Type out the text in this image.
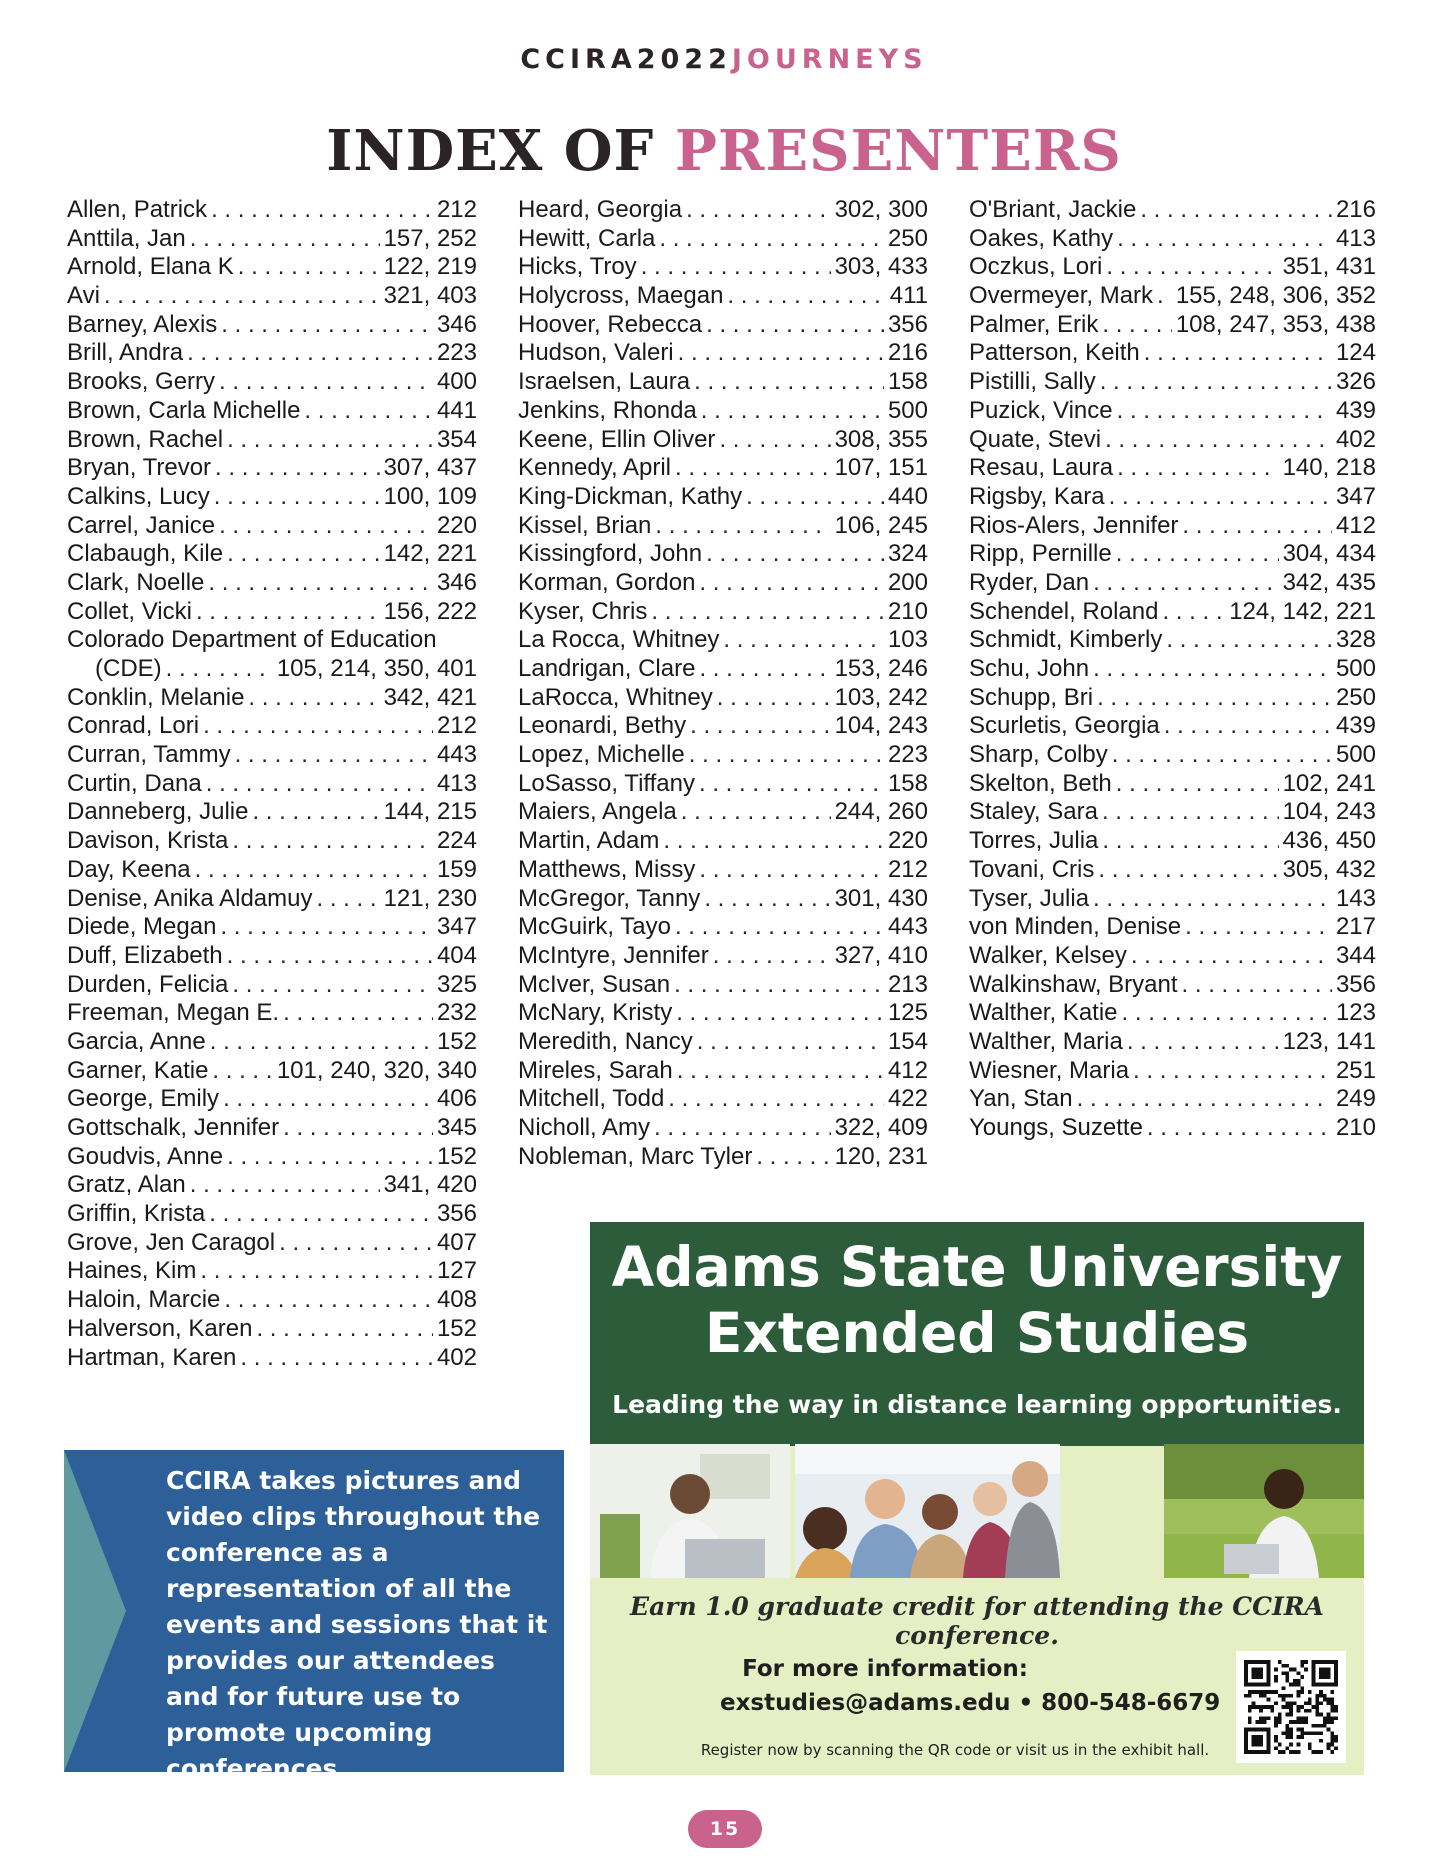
CCIRA2022JOURNEYS
INDEX OF PRESENTERS
Allen, Patrick . . .	212
Anttila, Jan . . .	157, 252
Arnold, Elana K . . .	122, 219
Avi . . .	321, 403
Barney, Alexis . . .	346
Brill, Andra . . .	223
Brooks, Gerry . . .	400
Brown, Carla Michelle . . .	441
Brown, Rachel . . .	354
Bryan, Trevor . . .	307, 437
Calkins, Lucy . . .	100, 109
Carrel, Janice . . .	220
Clabaugh, Kile . . .	142, 221
Clark, Noelle . . .	346
Collet, Vicki . . .	156, 222
Colorado Department of Education
(CDE) . . .	105, 214, 350, 401
Conklin, Melanie . . .	342, 421
Conrad, Lori . . .	212
Curran, Tammy . . .	443
Curtin, Dana . . .	413
Danneberg, Julie . . .	144, 215
Davison, Krista . . .	224
Day, Keena . . .	159
Denise, Anika Aldamuy . . .	121, 230
Diede, Megan . . .	347
Duff, Elizabeth . . .	404
Durden, Felicia . . .	325
Freeman, Megan E. . . .	232
Garcia, Anne . . .	152
Garner, Katie . . .	101, 240, 320, 340
George, Emily . . .	406
Gottschalk, Jennifer . . .	345
Goudvis, Anne . . .	152
Gratz, Alan . . .	341, 420
Griffin, Krista . . .	356
Grove, Jen Caragol . . .	407
Haines, Kim . . .	127
Haloin, Marcie . . .	408
Halverson, Karen . . .	152
Hartman, Karen . . .	402
Heard, Georgia . . .	302, 300
Hewitt, Carla . . .	250
Hicks, Troy . . .	303, 433
Holycross, Maegan . . .	411
Hoover, Rebecca . . .	356
Hudson, Valeri . . .	216
Israelsen, Laura . . .	158
Jenkins, Rhonda . . .	500
Keene, Ellin Oliver . . .	308, 355
Kennedy, April . . .	107, 151
King-Dickman, Kathy . . .	440
Kissel, Brian . . .	106, 245
Kissingford, John . . .	324
Korman, Gordon . . .	200
Kyser, Chris . . .	210
La Rocca, Whitney . . .	103
Landrigan, Clare . . .	153, 246
LaRocca, Whitney . . .	103, 242
Leonardi, Bethy . . .	104, 243
Lopez, Michelle . . .	223
LoSasso, Tiffany . . .	158
Maiers, Angela . . .	244, 260
Martin, Adam . . .	220
Matthews, Missy . . .	212
McGregor, Tanny . . .	301, 430
McGuirk, Tayo . . .	443
McIntyre, Jennifer . . .	327, 410
McIver, Susan . . .	213
McNary, Kristy . . .	125
Meredith, Nancy . . .	154
Mireles, Sarah . . .	412
Mitchell, Todd . . .	422
Nicholl, Amy . . .	322, 409
Nobleman, Marc Tyler . . .	120, 231
O'Briant, Jackie . . .	216
Oakes, Kathy . . .	413
Oczkus, Lori . . .	351, 431
Overmeyer, Mark . . . 155, 248, 306, 352
Palmer, Erik . . .	108, 247, 353, 438
Patterson, Keith . . .	124
Pistilli, Sally . . .	326
Puzick, Vince . . .	439
Quate, Stevi . . .	402
Resau, Laura . . .	140, 218
Rigsby, Kara . . .	347
Rios-Alers, Jennifer . . .	412
Ripp, Pernille . . .	304, 434
Ryder, Dan . . .	342, 435
Schendel, Roland . . .	124, 142, 221
Schmidt, Kimberly . . .	328
Schu, John . . .	500
Schupp, Bri . . .	250
Scurletis, Georgia . . .	439
Sharp, Colby . . .	500
Skelton, Beth . . .	102, 241
Staley, Sara . . .	104, 243
Torres, Julia . . .	436, 450
Tovani, Cris . . .	305, 432
Tyser, Julia . . .	143
von Minden, Denise . . .	217
Walker, Kelsey . . .	344
Walkinshaw, Bryant . . .	356
Walther, Katie . . .	123
Walther, Maria . . .	123, 141
Wiesner, Maria . . .	251
Yan, Stan . . .	249
Youngs, Suzette . . .	210
CCIRA takes pictures and video clips throughout the conference as a representation of all the events and sessions that it provides our attendees and for future use to promote upcoming conferences
Adams State University
Extended Studies
Leading the way in distance learning opportunities.
Earn 1.0 graduate credit for attending the CCIRA conference.
For more information:
exstudies@adams.edu • 800-548-6679
Register now by scanning the QR code or visit us in the exhibit hall.
15
